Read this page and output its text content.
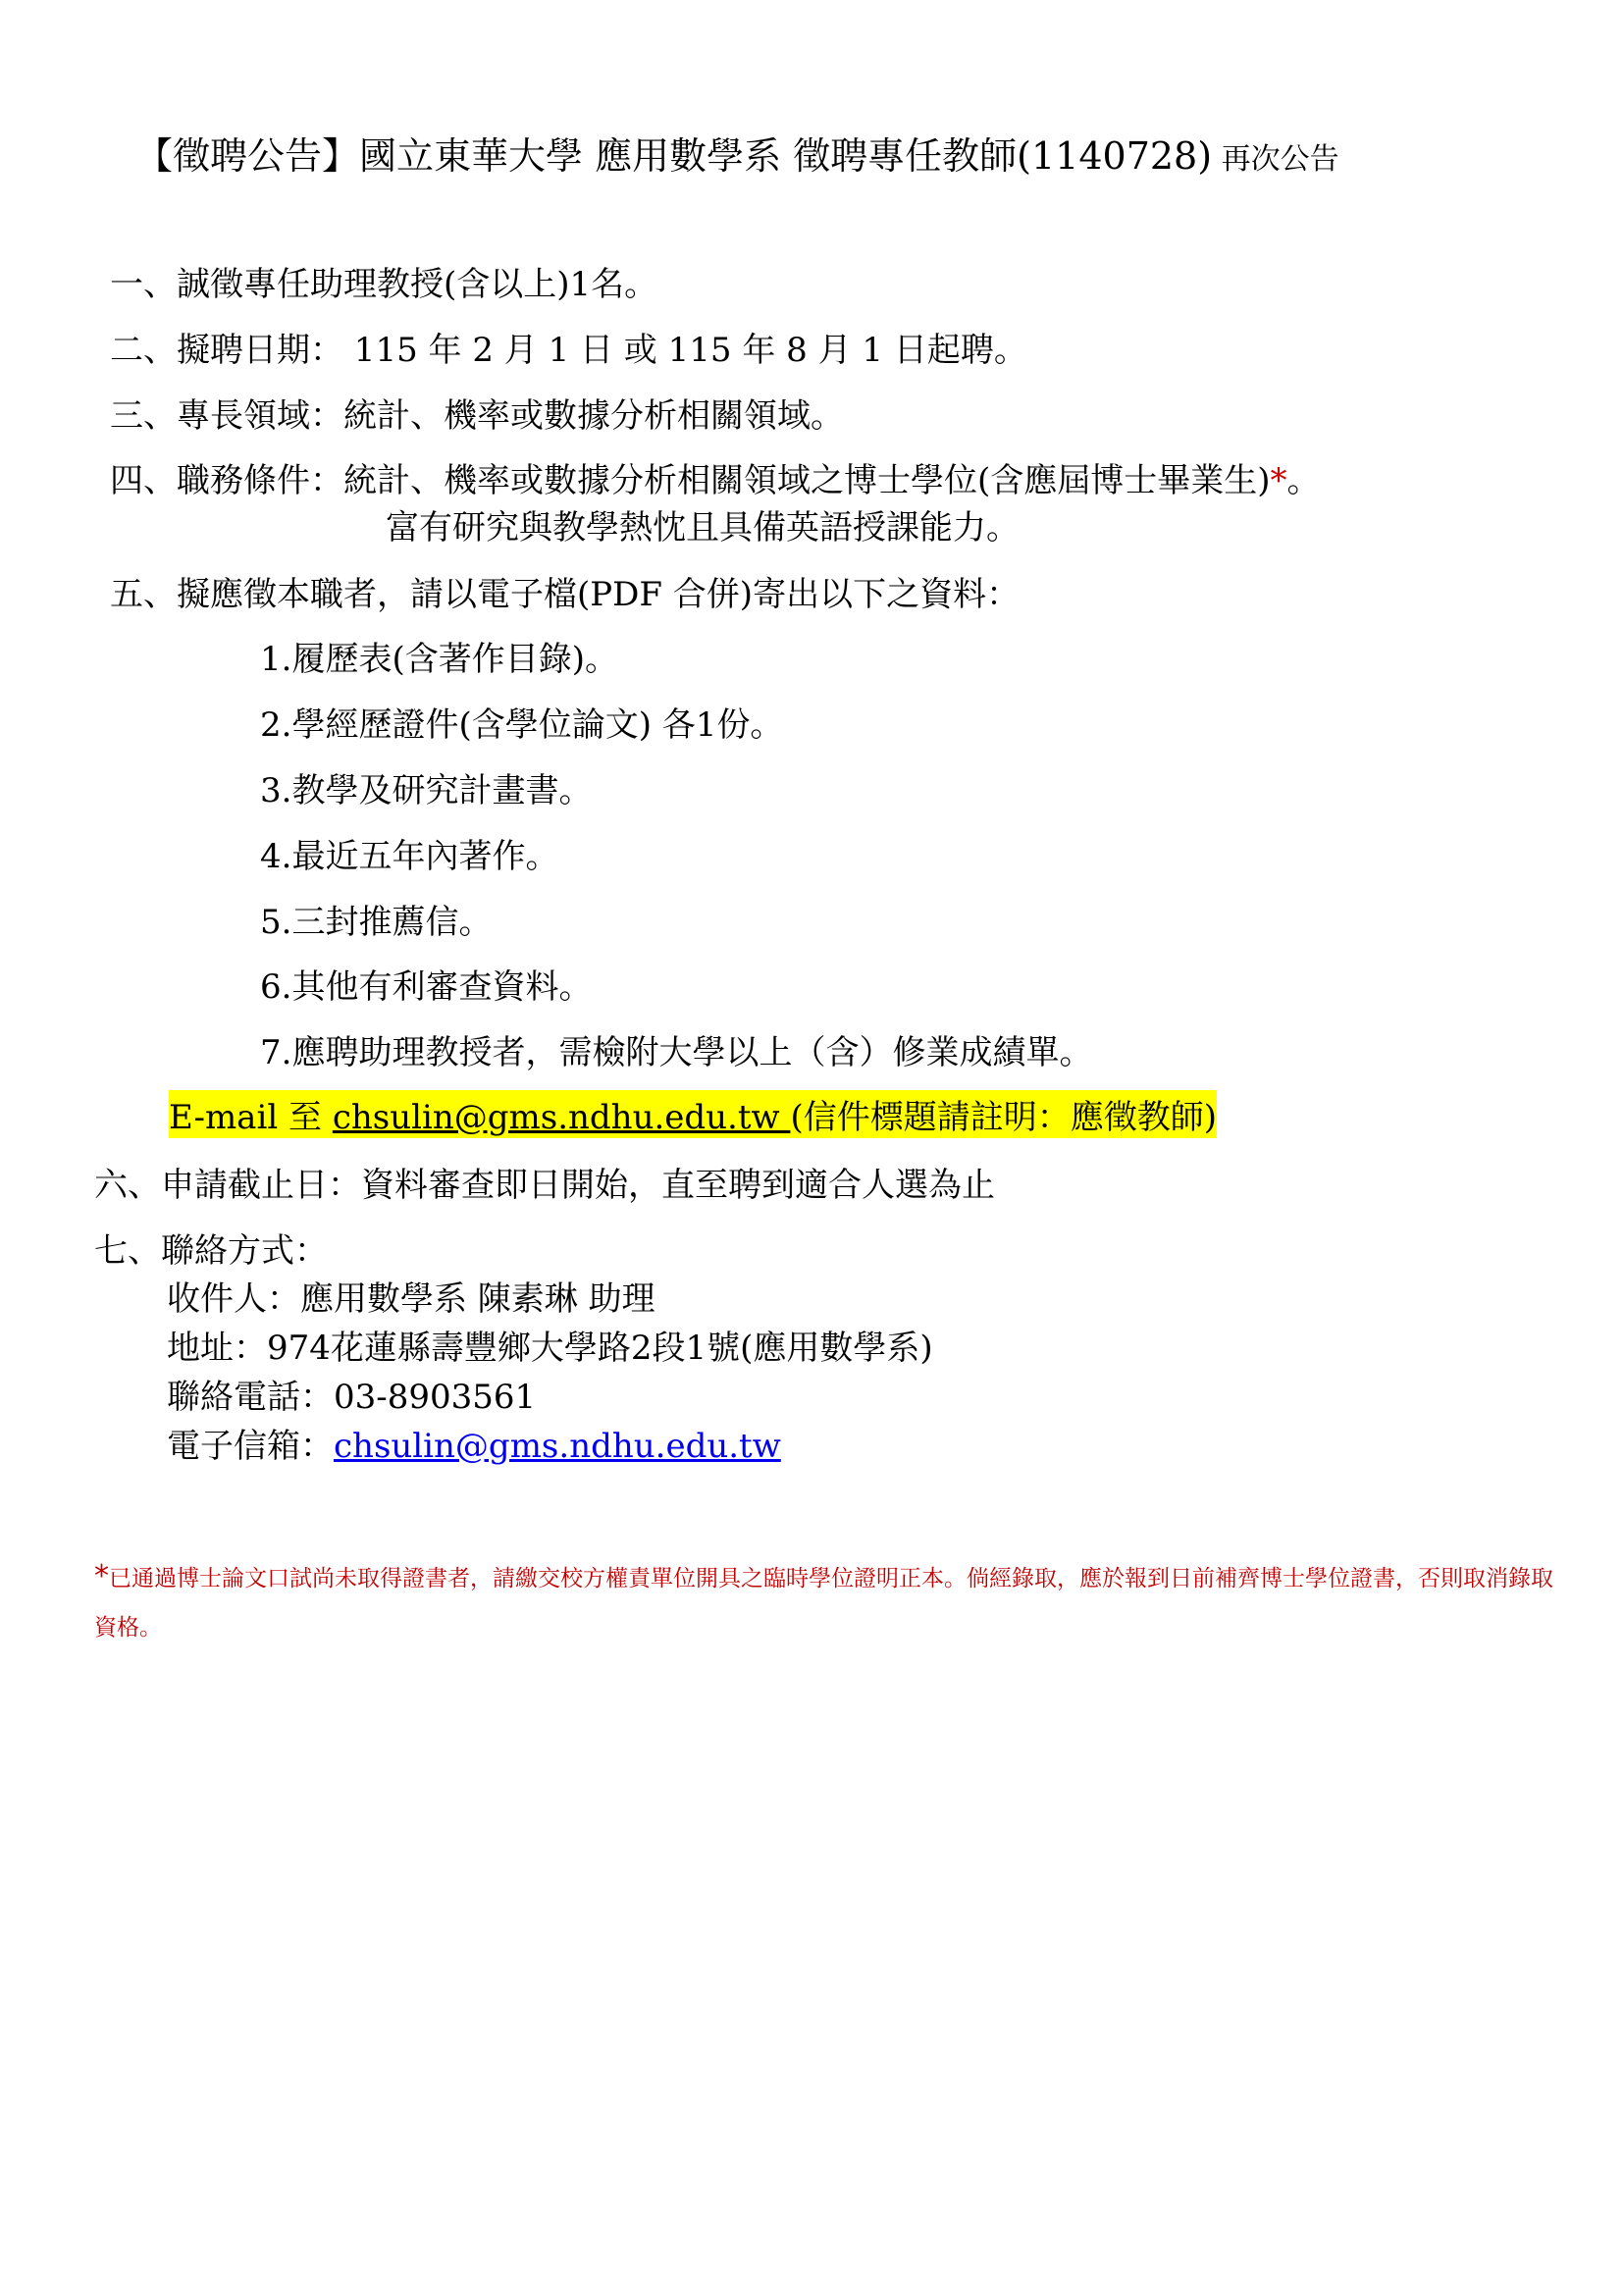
【徵聘公告】國立東華大學 應用數學系 徵聘專任教師(1140728) 再次公告
一、誠徵專任助理教授(含以上)1名。
二、擬聘日期： 115 年 2 月 1 日 或 115 年 8 月 1 日起聘。
三、專長領域：統計、機率或數據分析相關領域。
四、職務條件：統計、機率或數據分析相關領域之博士學位(含應屆博士畢業生)*。
富有研究與教學熱忱且具備英語授課能力。
五、擬應徵本職者，請以電子檔(PDF 合併)寄出以下之資料：
1.履歷表(含著作目錄)。
2.學經歷證件(含學位論文) 各1份。
3.教學及研究計畫書。
4.最近五年內著作。
5.三封推薦信。
6.其他有利審查資料。
7.應聘助理教授者，需檢附大學以上（含）修業成績單。
E-mail 至 chsulin@gms.ndhu.edu.tw (信件標題請註明：應徵教師)
六、申請截止日：資料審查即日開始，直至聘到適合人選為止
七、聯絡方式：
收件人：應用數學系 陳素琳 助理
地址：974花蓮縣壽豐鄉大學路2段1號(應用數學系)
聯絡電話：03-8903561
電子信箱：chsulin@gms.ndhu.edu.tw
*已通過博士論文口試尚未取得證書者，請繳交校方權責單位開具之臨時學位證明正本。倘經錄取，應於報到日前補齊博士學位證書，否則取消錄取資格。
